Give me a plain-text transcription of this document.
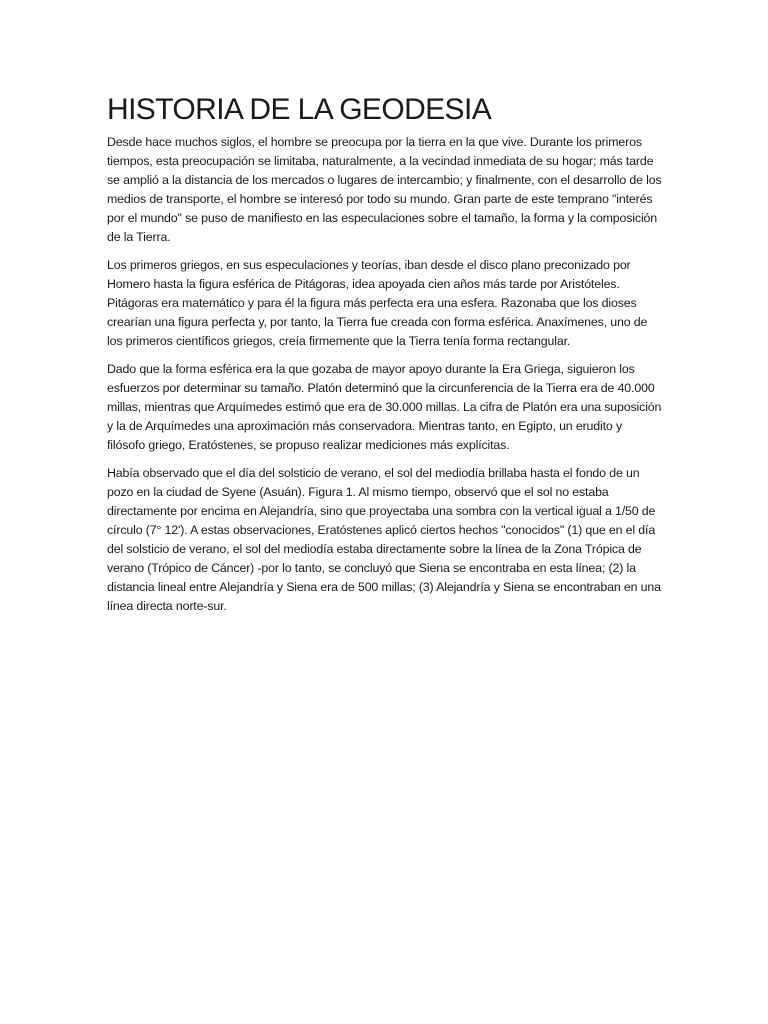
HISTORIA DE LA GEODESIA

Desde hace muchos siglos, el hombre se preocupa por la tierra en la que vive. Durante los primeros tiempos, esta preocupación se limitaba, naturalmente, a la vecindad inmediata de su hogar; más tarde se amplió a la distancia de los mercados o lugares de intercambio; y finalmente, con el desarrollo de los medios de transporte, el hombre se interesó por todo su mundo. Gran parte de este temprano "interés por el mundo" se puso de manifiesto en las especulaciones sobre el tamaño, la forma y la composición de la Tierra.

Los primeros griegos, en sus especulaciones y teorías, iban desde el disco plano preconizado por Homero hasta la figura esférica de Pitágoras, idea apoyada cien años más tarde por Aristóteles. Pitágoras era matemático y para él la figura más perfecta era una esfera. Razonaba que los dioses crearían una figura perfecta y, por tanto, la Tierra fue creada con forma esférica. Anaxímenes, uno de los primeros científicos griegos, creía firmemente que la Tierra tenía forma rectangular.

Dado que la forma esférica era la que gozaba de mayor apoyo durante la Era Griega, siguieron los esfuerzos por determinar su tamaño. Platón determinó que la circunferencia de la Tierra era de 40.000 millas, mientras que Arquímedes estimó que era de 30.000 millas. La cifra de Platón era una suposición y la de Arquímedes una aproximación más conservadora. Mientras tanto, en Egipto, un erudito y filósofo griego, Eratóstenes, se propuso realizar mediciones más explícitas.

Había observado que el día del solsticio de verano, el sol del mediodía brillaba hasta el fondo de un pozo en la ciudad de Syene (Asuán). Figura 1. Al mismo tiempo, observó que el sol no estaba directamente por encima en Alejandría, sino que proyectaba una sombra con la vertical igual a 1/50 de círculo (7° 12'). A estas observaciones, Eratóstenes aplicó ciertos hechos "conocidos" (1) que en el día del solsticio de verano, el sol del mediodía estaba directamente sobre la línea de la Zona Trópica de verano (Trópico de Cáncer) -por lo tanto, se concluyó que Siena se encontraba en esta línea; (2) la distancia lineal entre Alejandría y Siena era de 500 millas; (3) Alejandría y Siena se encontraban en una línea directa norte-sur.
